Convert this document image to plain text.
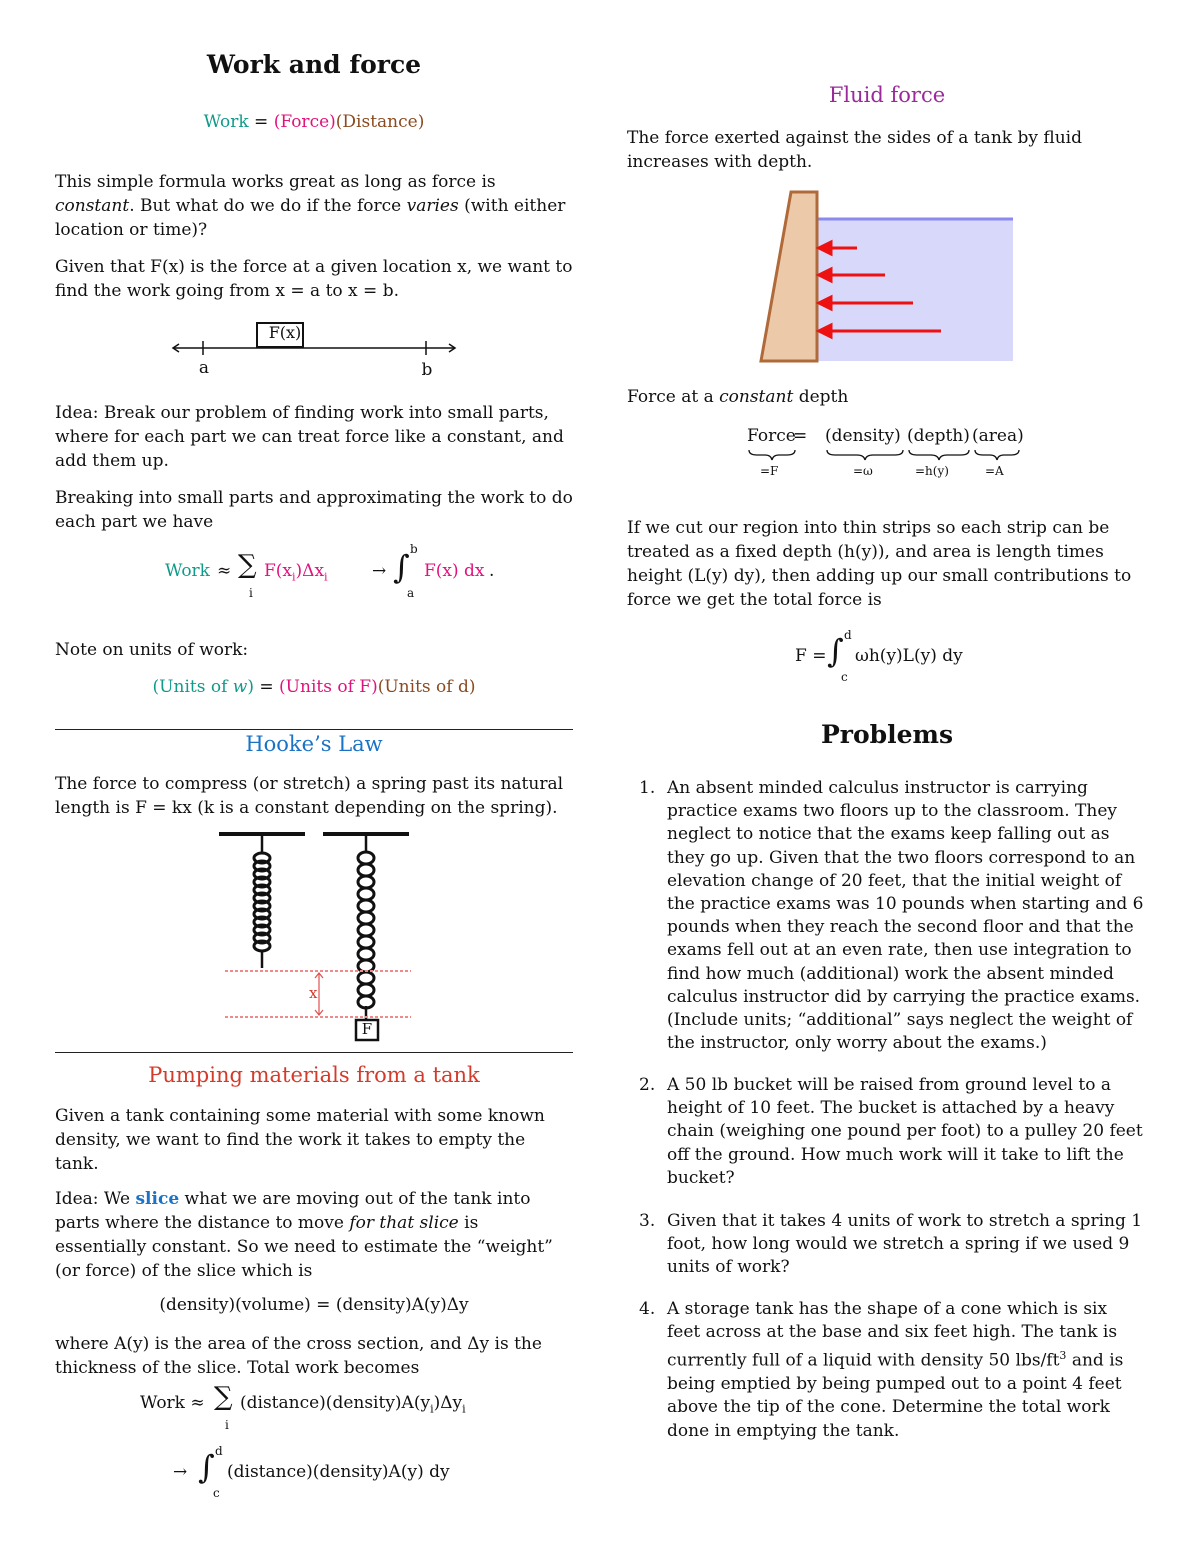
Work and force
Work = (Force)(Distance)

This simple formula works great as long as force is constant. But what do we do if the force varies (with either location or time)?

Given that F(x) is the force at a given location x, we want to find the work going from x = a to x = b.

F(x)
a	b

Idea: Break our problem of finding work into small parts, where for each part we can treat force like a constant, and add them up.

Breaking into small parts and approximating the work to do each part we have

Work ≈ ∑
i
$F(x_i)\Delta x_i$	→ ∫ b
a
F(x) dx .

Note on units of work:

(Units of w) = (Units of F)(Units of d)
Hooke’s Law

The force to compress (or stretch) a spring past its natural length is F = kx (k is a constant depending on the spring).

x
F
Pumping materials from a tank

Given a tank containing some material with some known density, we want to find the work it takes to empty the tank.

Idea: We slice what we are moving out of the tank into parts where the distance to move for that slice is essentially constant. So we need to estimate the “weight” (or force) of the slice which is

(density)(volume) = (density)A(y)Δy

where A(y) is the area of the cross section, and Δy is the thickness of the slice. Total work becomes

Work ≈ ∑
i
$(distance)(density)A(y_i)\Delta y_i$
→ ∫ d
c
(distance)(density)A(y) dy
Fluid force

The force exerted against the sides of a tank by fluid increases with depth.

Force at a constant depth

Force
= (density) (depth) (area)
=F	=ω	=h(y)	=A

If we cut our region into thin strips so each strip can be treated as a fixed depth (h(y)), and area is length times height (L(y) dy), then adding up our small contributions to force we get the total force is

F = ∫ d
c
ωh(y)L(y) dy
Problems
1. An absent minded calculus instructor is carrying practice exams two floors up to the classroom. They neglect to notice that the exams keep falling out as they go up. Given that the two floors correspond to an elevation change of 20 feet, that the initial weight of the practice exams was 10 pounds when starting and 6 pounds when they reach the second floor and that the exams fell out at an even rate, then use integration to find how much (additional) work the absent minded calculus instructor did by carrying the practice exams. (Include units; “additional” says neglect the weight of the instructor, only worry about the exams.)
2. A 50 lb bucket will be raised from ground level to a height of 10 feet. The bucket is attached by a heavy chain (weighing one pound per foot) to a pulley 20 feet off the ground. How much work will it take to lift the bucket?
3. Given that it takes 4 units of work to stretch a spring 1 foot, how long would we stretch a spring if we used 9 units of work?
4. A storage tank has the shape of a cone which is six feet across at the base and six feet high. The tank is currently full of a liquid with density 50 lbs/$ft^3$ and is being emptied by being pumped out to a point 4 feet above the tip of the cone. Determine the total work done in emptying the tank.
